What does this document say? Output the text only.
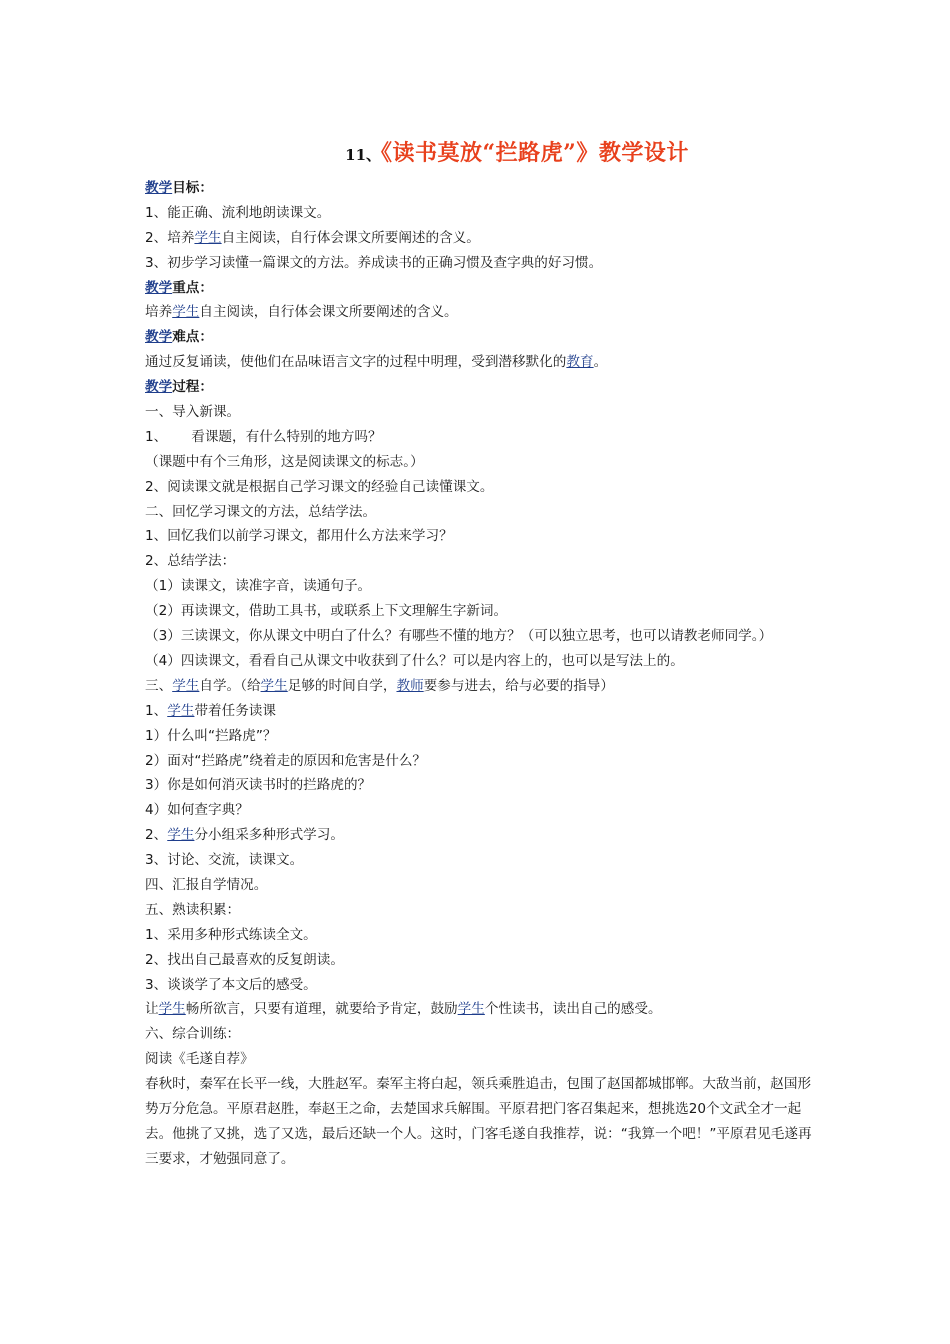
11、《读书莫放“拦路虎”》教学设计
教学目标：
1、能正确、流利地朗读课文。
2、培养学生自主阅读，自行体会课文所要阐述的含义。
3、初步学习读懂一篇课文的方法。养成读书的正确习惯及查字典的好习惯。
教学重点：
培养学生自主阅读，自行体会课文所要阐述的含义。
教学难点：
通过反复诵读，使他们在品味语言文字的过程中明理，受到潜移默化的教育。
教学过程：
一、导入新课。
1、 看课题，有什么特别的地方吗？
（课题中有个三角形，这是阅读课文的标志。）
2、阅读课文就是根据自己学习课文的经验自己读懂课文。
二、回忆学习课文的方法，总结学法。
1、回忆我们以前学习课文，都用什么方法来学习？
2、总结学法：
（1）读课文，读准字音，读通句子。
（2）再读课文，借助工具书，或联系上下文理解生字新词。
（3）三读课文，你从课文中明白了什么？有哪些不懂的地方？（可以独立思考，也可以请教老师同学。）
（4）四读课文，看看自己从课文中收获到了什么？可以是内容上的，也可以是写法上的。
三、学生自学。（给学生足够的时间自学，教师要参与进去，给与必要的指导）
1、学生带着任务读课
1）什么叫“拦路虎”？
2）面对“拦路虎”绕着走的原因和危害是什么？
3）你是如何消灭读书时的拦路虎的？
4）如何查字典？
2、学生分小组采多种形式学习。
3、讨论、交流，读课文。
四、汇报自学情况。
五、熟读积累：
1、采用多种形式练读全文。
2、找出自己最喜欢的反复朗读。
3、谈谈学了本文后的感受。
让学生畅所欲言，只要有道理，就要给予肯定，鼓励学生个性读书，读出自己的感受。
六、综合训练：
阅读《毛遂自荐》
春秋时，秦军在长平一线，大胜赵军。秦军主将白起，领兵乘胜追击，包围了赵国都城邯郸。大敌当前，赵国形势万分危急。平原君赵胜，奉赵王之命，去楚国求兵解围。平原君把门客召集起来，想挑选20个文武全才一起去。他挑了又挑，选了又选，最后还缺一个人。这时，门客毛遂自我推荐，说：“我算一个吧！”平原君见毛遂再三要求，才勉强同意了。
